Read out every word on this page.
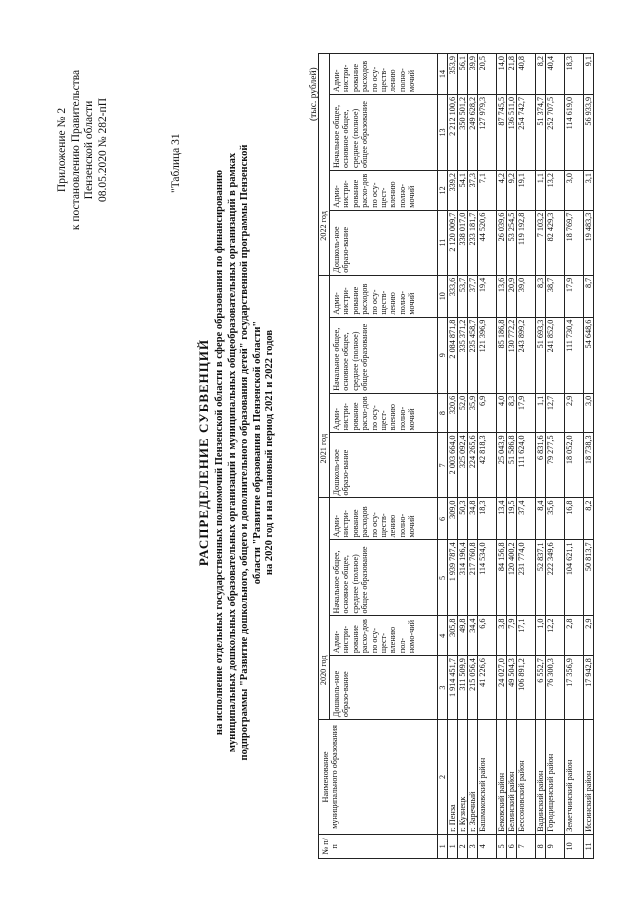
Приложение № 2 к постановлению Правительства Пензенской области 08.05.2020 № 282-пП	"Таблица 31
РАСПРЕДЕЛЕНИЕ СУБВЕНЦИЙ на исполнение отдельных государственных полномочий Пензенской области в сфере образования по финансированию муниципальных дошкольных образовательных организаций и муниципальных общеобразовательных организаций в рамках подпрограммы "Развитие дошкольного, общего и дополнительного образования детей" государственной программы Пензенской области "Развитие образования в Пензенской области" на 2020 год и на плановый период 2021 и 2022 годов
(тыс. рублей)
№ п/п	Наименование муниципального образования	2020 год				2021 год				2022 год			
		Дошколь-ное образо-вание	Адми-нистри-рование расхо-дов по осу-щест-влению пол-номо-чий	Начальное общее, основное общее, среднее (полное) общее образование	Адми-нистри-рование расходов по осу-ществ-лению полно-мочий	Дошколь-ное образо-вание	Адми-нистри-рование расхо-дов по осу-щест-влению полно-мочий	Начальное общее, основное общее, среднее (полное) общее образование	Адми-нистри-рование расходов по осу-ществ-лению полно-мочий	Дошколь-ное образо-вание	Адми-нистри-рование расхо-дов по осу-щест-влению полно-мочий	Начальное общее, основное общее, среднее (полное) общее образование	Адми-нистри-рование расходов по осу-ществ-лению полно-мочий
1	2	3	4	5	6	7	8	9	10	11	12	13	14
1	г. Пенза	1 914 451,7	305,8	1 939 787,4	309,0	2 003 664,0	320,6	2 084 871,8	333,6	2 120 009,7	339,2	2 212 100,6	353,9
2	г. Кузнецк	311 509,9	49,8	314 196,4	50,3	325 092,4	52,0	335 371,2	53,7	338 017,0	54,1	350 501,2	56,1
3	г. Заречный	215 056,4	34,4	217 760,8	34,8	224 265,6	35,9	235 458,7	37,7	233 181,7	37,3	249 628,2	39,9
4	Башмаковский район	41 226,6	6,6	114 534,0	18,3	42 818,3	6,9	121 396,9	19,4	44 520,6	7,1	127 979,3	20,5
5	Бековский район	24 027,0	3,8	84 156,8	13,4	25 043,9	4,0	85 186,8	13,6	26 039,6	4,2	87 745,5	14,0
6	Белинский район	49 504,3	7,9	120 400,2	19,5	51 586,8	8,3	130 772,2	20,9	53 254,5	9,2	136 511,0	21,8
7	Бессоновский район	106 891,2	17,1	231 774,0	37,4	111 624,0	17,9	243 899,2	39,0	119 192,8	19,1	254 742,7	40,8
8	Вадинский район	6 552,7	1,0	52 837,1	8,4	6 831,6	1,1	51 693,3	8,3	7 103,2	1,1	51 374,7	8,2
9	Городищенский район	76 300,3	12,2	222 349,6	35,6	79 277,5	12,7	241 852,0	38,7	82 429,3	13,2	252 707,5	40,4
10	Земетчинский район	17 356,9	2,8	104 621,1	16,8	18 052,0	2,9	111 730,4	17,9	18 769,7	3,0	114 619,0	18,3
11	Иссинский район	17 942,8	2,9	50 813,7	8,2	18 738,3	3,0	54 648,6	8,7	19 483,3	3,1	56 933,9	9,1
